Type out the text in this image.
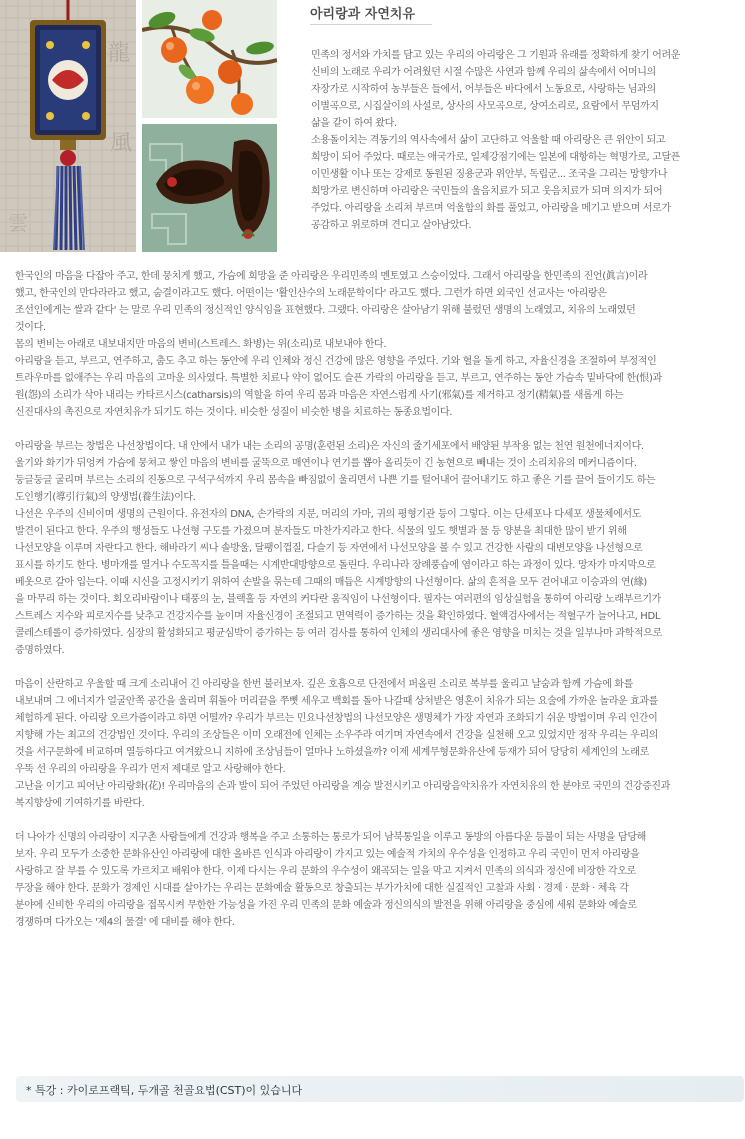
龍
風
雲
아리랑과 자연치유
민족의 정서와 가치를 담고 있는 우리의 아리랑은 그 기원과 유래를 정확하게 찾기 어려운
신비의 노래로 우리가 어려웠던 시절 수많은 사연과 함께 우리의 삶속에서 어머니의
자장가로 시작하여 농부들은 들에서, 어부들은 바다에서 노동요로, 사랑하는 님과의
이별곡으로, 시집살이의 사설로, 상사의 사모곡으로, 상여소리로, 요람에서 무덤까지
삶을 같이 하여 왔다.
소용돌이치는 격동기의 역사속에서 삶이 고단하고 억울할 때 아리랑은 큰 위안이 되고
희망이 되어 주었다. 때로는 애국가로, 일제강점기에는 일본에 대항하는 혁명가로, 고달픈
이민생활 이나 또는 강제로 동원된 징용군과 위안부, 독립군... 조국을 그리는 망향가나
희망가로 변신하며 아리랑은 국민들의 울음치료가 되고 웃음치료가 되며 의지가 되어
주었다. 아리랑을 소리쳐 부르며 억울함의 화를 풀었고, 아리랑을 메기고 받으며 서로가
공감하고 위로하며 견디고 살아남았다.
한국인의 마음을 다잡아 주고, 한데 뭉치게 했고, 가슴에 희망을 준 아리랑은 우리민족의 멘토였고 스승이었다. 그래서 아리랑을 한민족의 진언(眞言)이라
했고, 한국인의 만다라라고 했고, 숨결이라고도 했다. 어떤이는 '활인산수의 노래문학이다' 라고도 했다. 그런가 하면 외국인 선교사는 '아리랑은
조선인에게는 쌀과 같다' 는 말로 우리 민족의 정신적인 양식임을 표현했다. 그랬다. 아리랑은 살아남기 위해 불렀던 생명의 노래였고, 치유의 노래였던
것이다.
몸의 변비는 아래로 내보내지만 마음의 변비(스트레스. 화병)는 위(소리)로 내보내야 한다.
아리랑을 듣고, 부르고, 연주하고, 춤도 추고 하는 동안에 우리 인체와 정신 건강에 많은 영향을 주었다. 기와 혈을 돌게 하고, 자율신경을 조절하여 부정적인
트라우마를 없애주는 우리 마음의 고마운 의사였다. 특별한 치료나 약이 없어도 슬픈 가락의 아리랑을 듣고, 부르고, 연주하는 동안 가슴속 밑바닥에 한(恨)과
원(怨)의 소리가 삭아 내리는 카타르시스(catharsis)의 역할을 하여 우리 몸과 마음은 자연스럽게 사기(邪氣)를 제거하고 정기(精氣)를 새롭게 하는
신진대사의 촉진으로 자연치유가 되기도 하는 것이다. 비슷한 성질이 비슷한 병을 치료하는 동종요법이다.

아리랑을 부르는 창법은 나선창법이다. 내 안에서 내가 내는 소리의 공명(훈련된 소리)은 자신의 줄기세포에서 배양된 부작용 없는 천연 원천에너지이다.
울기와 화기가 뒤엉켜 가슴에 뭉쳐고 쌓인 마음의 변비를 굴뚝으로 매연이나 연기를 뽑아 올리듯이 긴 농현으로 빼내는 것이 소리치유의 메커니즘이다.
둥글둥글 굴리며 부르는 소리의 진동으로 구석구석까지 우리 몸속을 빠짐없이 울리면서 나쁜 기를 털어내어 끌어내기도 하고 좋은 기를 끌어 들이기도 하는
도인행기(導引行氣)의 양생법(養生法)이다.
나선은 우주의 신비이며 생명의 근원이다. 유전자의 DNA, 손가락의 지문, 머리의 가마, 귀의 평형기관 등이 그렇다. 이는 단세포나 다세포 생물체에서도
발견이 된다고 한다. 우주의 행성들도 나선형 구도를 가졌으며 분자들도 마찬가지라고 한다. 식물의 잎도 햇볕과 물 등 양분을 최대한 많이 받기 위해
나선모양을 이루며 자란다고 한다. 해바라기 씨나 솔방울, 달팽이껍질, 다슬기 등 자연에서 나선모양을 볼 수 있고 건강한 사람의 대변모양을 나선형으로
표시를 하기도 한다. 병마개를 열거나 수도꼭지를 틀을때는 시계반대방향으로 돌린다. 우리나라 장례풍습에 염이라고 하는 과정이 있다. 망자가 마지막으로
베옷으로 갈아 입는다. 이때 시신을 고정시키기 위하여 손발을 묶는데 그때의 매듭은 시계방향의 나선형이다. 삶의 흔적을 모두 걷어내고 이승과의 연(緣)
을 마무리 하는 것이다. 회오리바람이나 태풍의 눈, 블랙홀 등 자연의 커다란 움직임이 나선형이다. 필자는 여러편의 임상실험을 통하여 아리랑 노래부르기가
스트레스 지수와 피로지수를 낮추고 건강지수를 높이며 자율신경이 조절되고 면역력이 증가하는 것을 확인하였다. 혈액검사에서는 적혈구가 늘어나고, HDL
콜레스테롤이 증가하였다. 심장의 활성화되고 평균심박이 증가하는 등 여러 검사를 통하여 인체의 생리대사에 좋은 영향을 미치는 것을 일부나마 과학적으로
증명하였다.

마음이 산란하고 우울할 때 크게 소리내어 긴 아리랑을 한번 불러보자. 깊은 호흡으로 단전에서 퍼올린 소리로 복부를 울리고 날숨과 함께 가슴에 화를
내보내며 그 에너지가 얼굴안쪽 공간을 울리며 휘돌아 머리끝을 쭈뼛 세우고 백회를 돌아 나갈때 상처받은 영혼이 치유가 되는 요술에 가까운 놀라운 효과를
체험하게 된다. 아리랑 오르가즘이라고 하면 어떨까? 우리가 부르는 민요나선창법의 나선모양은 생명체가 가장 자연과 조화되기 쉬운 방법이며 우리 인간이
지향해 가는 최고의 건강법인 것이다. 우리의 조상들은 이미 오래전에 인체는 소우주라 여기며 자연속에서 건강을 실천해 오고 있었지만 정작 우리는 우리의
것을 서구문화에 비교하며 열등하다고 여겨왔으니 지하에 조상님들이 얼마나 노하셨을까? 이제 세계무형문화유산에 등재가 되어 당당히 세계인의 노래로
우뚝 선 우리의 아리랑을 우리가 먼저 제대로 알고 사랑해야 한다.
고난을 이기고 피어난 아리랑화(花)! 우리마음의 손과 발이 되어 주었던 아리랑을 계승 발전시키고 아리랑음악치유가 자연치유의 한 분야로 국민의 건강증진과
복지향상에 기여하기를 바란다.

더 나아가 신명의 아리랑이 지구촌 사람들에게 건강과 행복을 주고 소통하는 통로가 되어 남북통일을 이루고 동방의 아름다운 등불이 되는 사명을 담당해
보자. 우리 모두가 소중한 문화유산인 아리랑에 대한 올바른 인식과 아리랑이 가지고 있는 예술적 가치의 우수성을 인정하고 우리 국민이 먼저 아리랑을
사랑하고 잘 부를 수 있도록 가르치고 배워야 한다. 이제 다시는 우리 문화의 우수성이 왜곡되는 일을 막고 지켜서 민족의 의식과 정신에 비장한 각오로
무장을 해야 한다. 문화가 경제인 시대를 살아가는 우리는 문화예술 활동으로 창출되는 부가가치에 대한 실질적인 고찰과 사회 · 경제 · 문화 · 체육 각
분야에 신비한 우리의 아리랑을 접목시켜 무한한 가능성을 가진 우리 민족의 문화 예술과 정신의식의 발전을 위해 아리랑을 중심에 세워 문화와 예술로
경쟁하며 다가오는 '제4의 물결' 에 대비를 해야 한다.

* 특강 : 카이로프랙틱, 두개골 천골요법(CST)이 있습니다
